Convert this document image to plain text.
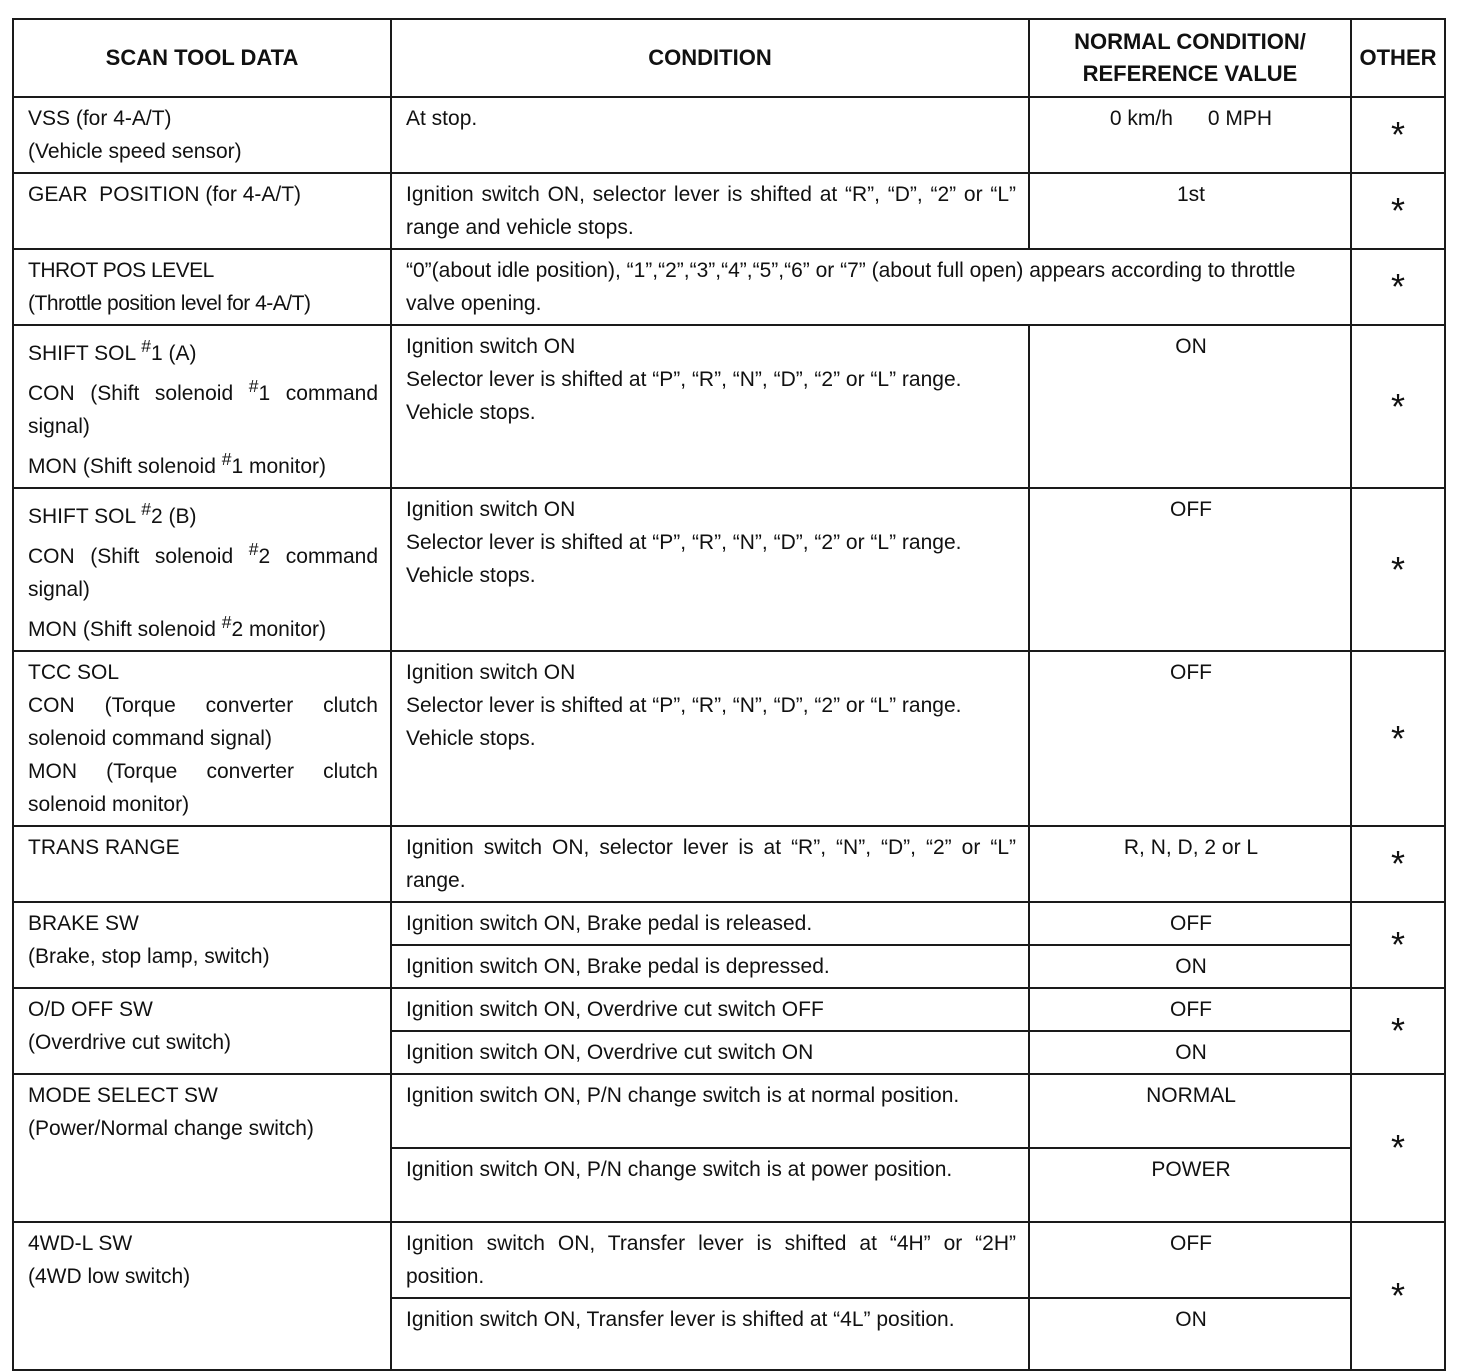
SCAN TOOL DATA	CONDITION	NORMAL CONDITION/
REFERENCE VALUE	OTHER

VSS (for 4-A/T)
(Vehicle speed sensor)	At stop.	0 km/h      0 MPH	*
GEAR  POSITION (for 4-A/T)	Ignition switch ON, selector lever is shifted at “R”, “D”, “2” or “L” range and vehicle stops.	1st	*

THROT POS LEVEL
(Throttle position level for 4-A/T)	“0”(about idle position), “1”,“2”,“3”,“4”,“5”,“6” or “7” (about full open) appears according to throttle valve opening.		*

SHIFT SOL #1 (A)
CON (Shift solenoid #1 command signal)
MON (Shift solenoid #1 monitor)	Ignition switch ON
Selector lever is shifted at “P”, “R”, “N”, “D”, “2” or “L” range.
Vehicle stops.	ON	*

SHIFT SOL #2 (B)
CON (Shift solenoid #2 command signal)
MON (Shift solenoid #2 monitor)	Ignition switch ON
Selector lever is shifted at “P”, “R”, “N”, “D”, “2” or “L” range.
Vehicle stops.	OFF	*

TCC SOL
CON (Torque converter clutch solenoid command signal)
MON (Torque converter clutch solenoid monitor)	Ignition switch ON
Selector lever is shifted at “P”, “R”, “N”, “D”, “2” or “L” range.
Vehicle stops.	OFF	*
TRANS RANGE	Ignition switch ON, selector lever is at “R”, “N”, “D”, “2” or “L” range.	R, N, D, 2 or L	*

BRAKE SW
(Brake, stop lamp, switch)	Ignition switch ON, Brake pedal is released.	OFF	*
	Ignition switch ON, Brake pedal is depressed.	ON	

O/D OFF SW
(Overdrive cut switch)	Ignition switch ON, Overdrive cut switch OFF	OFF	*
	Ignition switch ON, Overdrive cut switch ON	ON	

MODE SELECT SW
(Power/Normal change switch)	Ignition switch ON, P/N change switch is at normal position.	NORMAL	*
	Ignition switch ON, P/N change switch is at power position.	POWER	

4WD-L SW
(4WD low switch)	Ignition switch ON, Transfer lever is shifted at “4H” or “2H” position.	OFF	*
	Ignition switch ON, Transfer lever is shifted at “4L” position.	ON	
